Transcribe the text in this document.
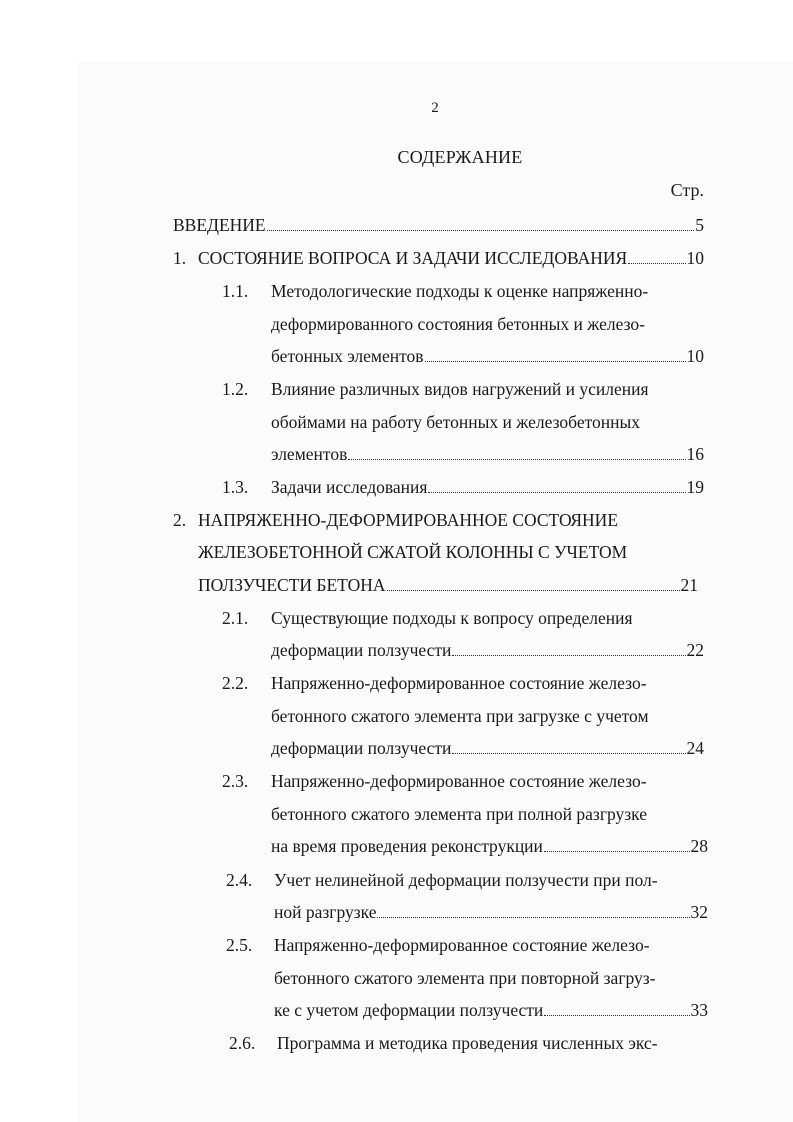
2
СОДЕРЖАНИЕ
Стр.
ВВЕДЕНИЕ	5
1. СОСТОЯНИЕ ВОПРОСА И ЗАДАЧИ ИССЛЕДОВАНИЯ	10
1.1. Методологические подходы к оценке напряженно-
деформированного состояния бетонных и железо-
бетонных элементов	10
1.2. Влияние различных видов нагружений и усиления
обоймами на работу бетонных и железобетонных
элементов	16
1.3. Задачи исследования	19
2. НАПРЯЖЕННО-ДЕФОРМИРОВАННОЕ СОСТОЯНИЕ
ЖЕЛЕЗОБЕТОННОЙ СЖАТОЙ КОЛОННЫ С УЧЕТОМ
ПОЛЗУЧЕСТИ БЕТОНА	21
2.1. Существующие подходы к вопросу определения
деформации ползучести	22
2.2. Напряженно-деформированное состояние железо-
бетонного сжатого элемента при загрузке с учетом
деформации ползучести	24
2.3. Напряженно-деформированное состояние железо-
бетонного сжатого элемента при полной разгрузке
на время проведения реконструкции	28
2.4. Учет нелинейной деформации ползучести при пол-
ной разгрузке	32
2.5. Напряженно-деформированное состояние железо-
бетонного сжатого элемента при повторной загруз-
ке с учетом деформации ползучести	33
2.6. Программа и методика проведения численных экс-
